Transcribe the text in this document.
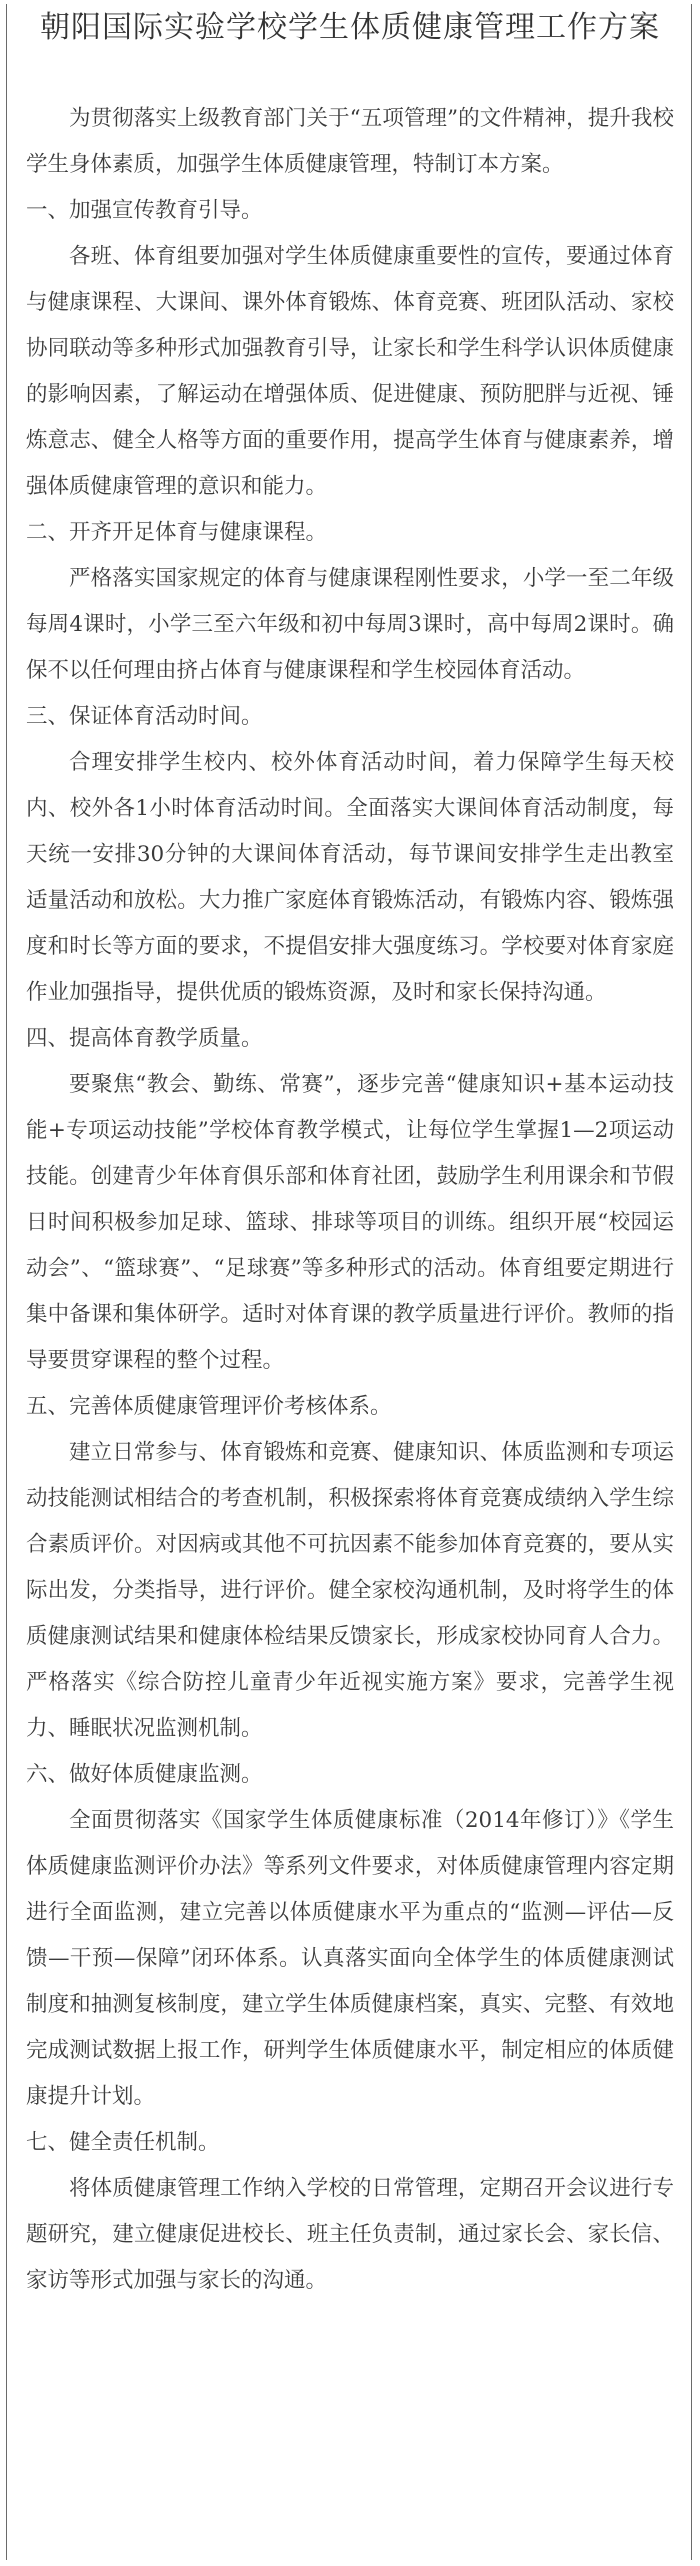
朝阳国际实验学校学生体质健康管理工作方案

为贯彻落实上级教育部门关于“五项管理”的文件精神，提升我校学生身体素质，加强学生体质健康管理，特制订本方案。

一、加强宣传教育引导。

各班、体育组要加强对学生体质健康重要性的宣传，要通过体育与健康课程、大课间、课外体育锻炼、体育竞赛、班团队活动、家校协同联动等多种形式加强教育引导，让家长和学生科学认识体质健康的影响因素，了解运动在增强体质、促进健康、预防肥胖与近视、锤炼意志、健全人格等方面的重要作用，提高学生体育与健康素养，增强体质健康管理的意识和能力。

二、开齐开足体育与健康课程。

严格落实国家规定的体育与健康课程刚性要求，小学一至二年级每周4课时，小学三至六年级和初中每周3课时，高中每周2课时。确保不以任何理由挤占体育与健康课程和学生校园体育活动。

三、保证体育活动时间。

合理安排学生校内、校外体育活动时间，着力保障学生每天校内、校外各1小时体育活动时间。全面落实大课间体育活动制度，每天统一安排30分钟的大课间体育活动，每节课间安排学生走出教室适量活动和放松。大力推广家庭体育锻炼活动，有锻炼内容、锻炼强度和时长等方面的要求，不提倡安排大强度练习。学校要对体育家庭作业加强指导，提供优质的锻炼资源，及时和家长保持沟通。

四、提高体育教学质量。

要聚焦“教会、勤练、常赛”，逐步完善“健康知识+基本运动技能+专项运动技能”学校体育教学模式，让每位学生掌握1—2项运动技能。创建青少年体育俱乐部和体育社团，鼓励学生利用课余和节假日时间积极参加足球、篮球、排球等项目的训练。组织开展“校园运动会”、“篮球赛”、“足球赛”等多种形式的活动。体育组要定期进行集中备课和集体研学。适时对体育课的教学质量进行评价。教师的指导要贯穿课程的整个过程。

五、完善体质健康管理评价考核体系。

建立日常参与、体育锻炼和竞赛、健康知识、体质监测和专项运动技能测试相结合的考查机制，积极探索将体育竞赛成绩纳入学生综合素质评价。对因病或其他不可抗因素不能参加体育竞赛的，要从实际出发，分类指导，进行评价。健全家校沟通机制，及时将学生的体质健康测试结果和健康体检结果反馈家长，形成家校协同育人合力。严格落实《综合防控儿童青少年近视实施方案》要求，完善学生视力、睡眠状况监测机制。

六、做好体质健康监测。

全面贯彻落实《国家学生体质健康标准（2014年修订）》《学生体质健康监测评价办法》等系列文件要求，对体质健康管理内容定期进行全面监测，建立完善以体质健康水平为重点的“监测—评估—反馈—干预—保障”闭环体系。认真落实面向全体学生的体质健康测试制度和抽测复核制度，建立学生体质健康档案，真实、完整、有效地完成测试数据上报工作，研判学生体质健康水平，制定相应的体质健康提升计划。

七、健全责任机制。

将体质健康管理工作纳入学校的日常管理，定期召开会议进行专题研究，建立健康促进校长、班主任负责制，通过家长会、家长信、家访等形式加强与家长的沟通。
